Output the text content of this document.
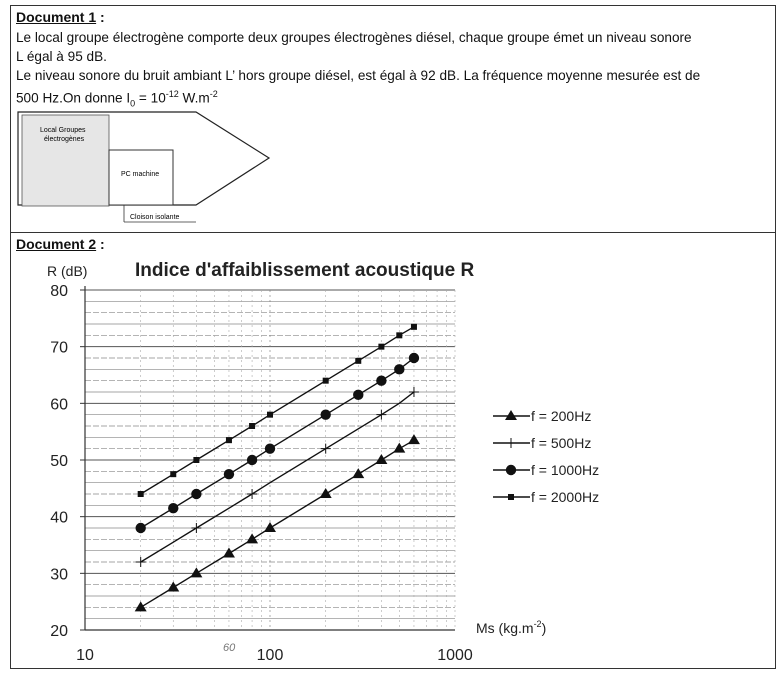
Document 1 :
Le local groupe électrogène comporte deux groupes électrogènes diésel, chaque groupe émet un niveau sonore
L égal à 95 dB.
Le niveau sonore du bruit ambiant L’ hors groupe diésel, est égal à 92 dB. La fréquence moyenne mesurée est de
500 Hz.On donne $I_0 = 10^{-12}$ $W.m^{-2}$
Local Groupes
électrogènes
PC machine
Cloison isolante
Document 2 :
20
30
40
50
60
70
80
10	100	1000
f = 200Hz
f = 500Hz
f = 1000Hz
f = 2000Hz
Indice d'affaiblissement acoustique R
R (dB)
Ms $(kg.m^{-2})$
60
